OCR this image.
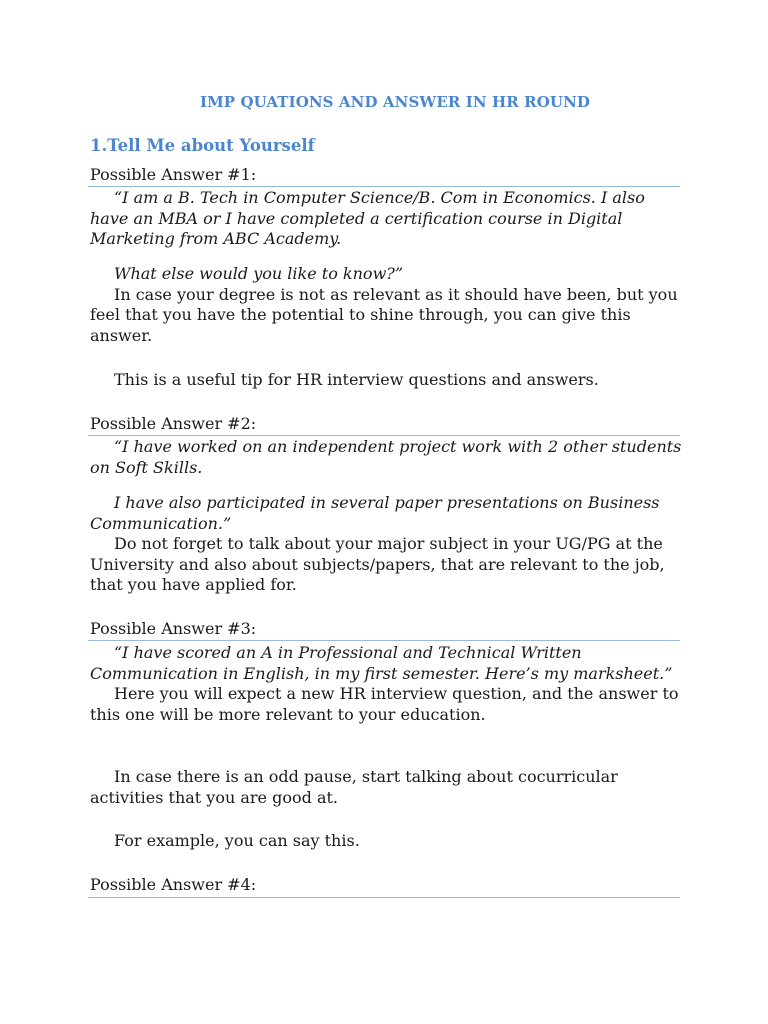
IMP QUATIONS AND ANSWER IN HR ROUND
1.Tell Me about Yourself
Possible Answer #1:

“I am a B. Tech in Computer Science/B. Com in Economics. I also have an MBA or I have completed a certification course in Digital Marketing from ABC Academy.

What else would you like to know?”

In case your degree is not as relevant as it should have been, but you feel that you have the potential to shine through, you can give this answer.

This is a useful tip for HR interview questions and answers.

Possible Answer #2:

“I have worked on an independent project work with 2 other students on Soft Skills.

I have also participated in several paper presentations on Business Communication.”

Do not forget to talk about your major subject in your UG/PG at the University and also about subjects/papers, that are relevant to the job, that you have applied for.

Possible Answer #3:

“I have scored an A in Professional and Technical Written Communication in English, in my first semester. Here’s my marksheet.”

Here you will expect a new HR interview question, and the answer to this one will be more relevant to your education.

In case there is an odd pause, start talking about cocurricular activities that you are good at.

For example, you can say this.

Possible Answer #4:
